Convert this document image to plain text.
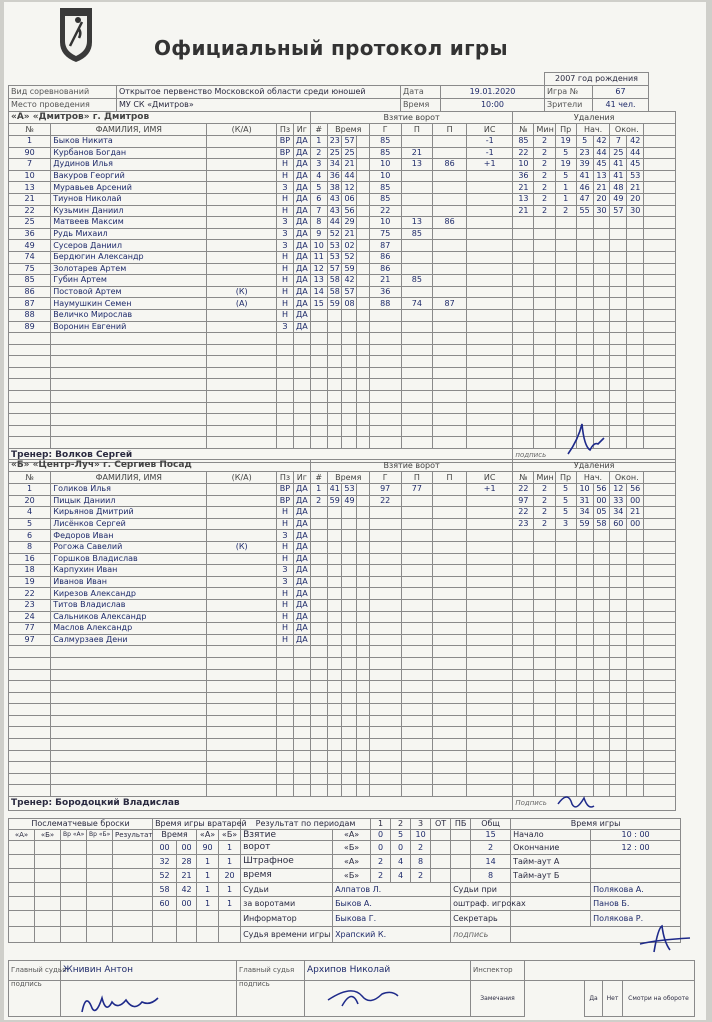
Официальный протокол игры
				2007 год рождения	
Вид соревнований	Открытое первенство Московской области среди юношей	Дата	19.01.2020	Игра №	67
Место проведения	МУ СК «Дмитров»	Время	10:00	Зрители	41 чел.
«А» «Дмитров» г. Дмитров					Взятие ворот								Удаления							
№	ФАМИЛИЯ, ИМЯ	(К/А)	Пз	Иг	#	Время			Г	П	П	ИС	№	Мин	Пр	Нач.		Окон.		
1	Быков Никита		ВР	ДА	1	23	57		85			-1	85	2	19	5	42	7	42	
90	Курбанов Богдан		ВР	ДА	2	25	25		85	21		-1	22	2	5	23	44	25	44	
7	Дудинов Илья		Н	ДА	3	34	21		10	13	86	+1	10	2	19	39	45	41	45	
10	Вакуров Георгий		Н	ДА	4	36	44		10				36	2	5	41	13	41	53	
13	Муравьев Арсений		З	ДА	5	38	12		85				21	2	1	46	21	48	21	
21	Тиунов Николай		Н	ДА	6	43	06		85				13	2	1	47	20	49	20	
22	Кузьмин Даниил		Н	ДА	7	43	56		22				21	2	2	55	30	57	30	
25	Матвеев Максим		З	ДА	8	44	29		10	13	86									
36	Рудь Михаил		З	ДА	9	52	21		75	85										
49	Сусеров Даниил		З	ДА	10	53	02		87											
74	Бердюгин Александр		Н	ДА	11	53	52		86											
75	Золотарев Артем		Н	ДА	12	57	59		86											
85	Губин Артем		Н	ДА	13	58	42		21	85										
86	Постовой Артем	(К)	Н	ДА	14	58	57		36											
87	Наумушкин Семен	(А)	Н	ДА	15	59	08		88	74	87									
88	Величко Мирослав		Н	ДА																
89	Воронин Евгений		З	ДА																

Тренер: Волков Сергей													подпись							
«Б» «Центр-Луч» г. Сергиев Посад					Взятие ворот								Удаления							
№	ФАМИЛИЯ, ИМЯ	(К/А)	Пз	Иг	#	Время			Г	П	П	ИС	№	Мин	Пр	Нач.		Окон.		
1	Голиков Илья		ВР	ДА	1	41	53		97	77		+1	22	2	5	10	56	12	56	
20	Пицык Даниил		ВР	ДА	2	59	49		22				97	2	5	31	00	33	00	
4	Кирьянов Дмитрий		Н	ДА									22	2	5	34	05	34	21	
5	Лисёнков Сергей		Н	ДА									23	2	3	59	58	60	00	
6	Федоров Иван		З	ДА																
8	Рогожа Савелий	(К)	Н	ДА																
16	Горшков Владислав		Н	ДА																
18	Карпухин Иван		З	ДА																
19	Иванов Иван		З	ДА																
22	Кирезов Александр		Н	ДА																
23	Титов Владислав		Н	ДА																
24	Сальников Александр		Н	ДА																
77	Маслов Александр		Н	ДА																
97	Салмурзаев Дени		Н	ДА																

Тренер: Бородоцкий Владислав													Подпись							
Послематчевые броски					Время игры вратарей				Результат по периодам		1	2	3	ОТ	ПБ	Общ	Время игры	
«А»	«Б»	Вр «А»	Вр «Б»	Результат	Время		«А»	«Б»	Взятие	«А»	0	5	10			15	Начало	10 : 00
					00	00	90	1	ворот	«Б»	0	0	2			2	Окончание	12 : 00
					32	28	1	1	Штрафное	«А»	2	4	8			14	Тайм-аут А	
					52	21	1	20	время	«Б»	2	4	2			8	Тайм-аут Б	
					58	42	1	1	Судьи	Алпатов Л.					Судьи при			Полякова А.
					60	00	1	1	за воротами	Быков А.					оштраф. игроках			Панов Б.
									Информатор	Быкова Г.					Секретарь			Полякова Р.
									Судья времени игры	Храпский К.					подпись			
Главный судья	Жнивин Антон	Главный судья	Архипов Николай	Инспектор				
подпись		подпись		Замечания		Да	Нет	Смотри на обороте
